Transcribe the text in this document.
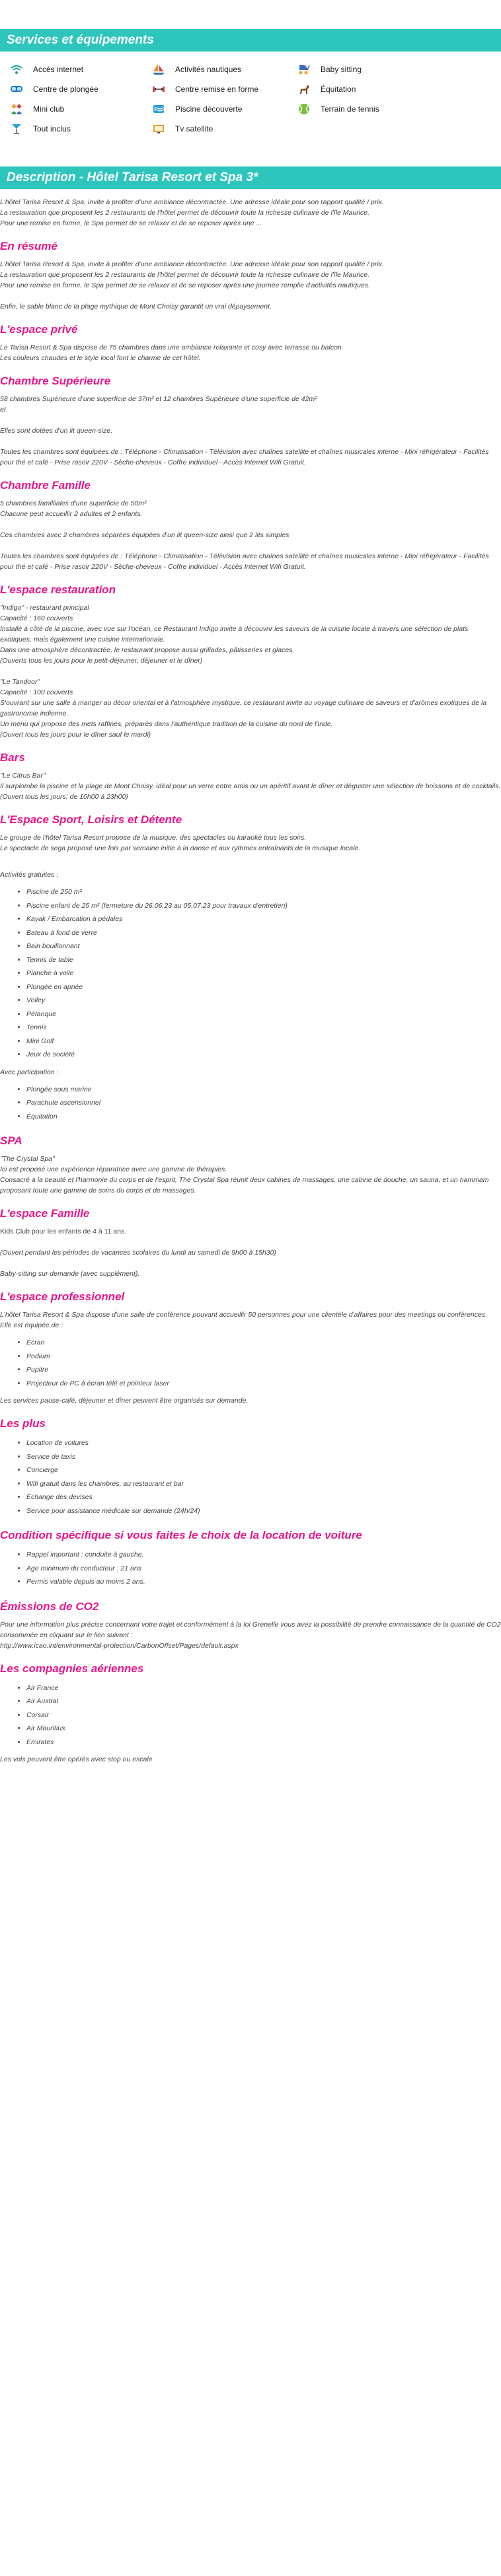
Services et équipements
Accès internet	Activités nautiques	Baby sitting
Centre de plongée	Centre remise en forme	Équitation
Mini club	Piscine découverte	Terrain de tennis
Tout inclus	Tv satellite
Description - Hôtel Tarisa Resort et Spa 3*

L'hôtel Tarisa Resort & Spa, invite à profiter d'une ambiance décontractée. Une adresse idéale pour son rapport qualité / prix.

La restauration que proposent les 2 restaurants de l'hôtel permet de découvrir toute la richesse culinaire de l'île Maurice.

Pour une remise en forme, le Spa permet de se relaxer et de se reposer après une ...

En résumé

L'hôtel Tarisa Resort & Spa, invite à profiter d'une ambiance décontractée. Une adresse idéale pour son rapport qualité / prix.

La restauration que proposent les 2 restaurants de l'hôtel permet de découvrir toute la richesse culinaire de l'île Maurice.

Pour une remise en forme, le Spa permet de se relaxer et de se reposer après une journée remplie d'activités nautiques.

Enfin, le sable blanc de la plage mythique de Mont Choisy garantit un vrai dépaysement.

L'espace privé

Le Tarisa Resort & Spa dispose de 75 chambres dans une ambiance relaxante et cosy avec terrasse ou balcon.

Les couleurs chaudes et le style local font le charme de cet hôtel.

Chambre Supérieure

58 chambres Supérieure d'une superficie de 37m² et 12 chambres Supérieure d'une superficie de 42m²

et

Elles sont dotées d'un lit queen-size.

Toutes les chambres sont équipées de : Téléphone - Climatisation - Télévision avec chaînes satellite et chaînes musicales interne - Mini réfrigérateur - Facilités pour thé et café - Prise rasoir 220V - Sèche-cheveux - Coffre individuel - Accès Internet Wifi Gratuit.

Chambre Famille

5 chambres familliales d'une superficie de 50m²

Chacune peut accueillir 2 adultes et 2 enfants.

Ces chambres avec 2 chambres séparées équipées d'un lit queen-size ainsi que 2 lits simples

Toutes les chambres sont équipées de : Téléphone - Climatisation - Télévision avec chaînes satellite et chaînes musicales interne - Mini réfrigérateur - Facilités pour thé et café - Prise rasoir 220V - Sèche-cheveux - Coffre individuel - Accès Internet Wifi Gratuit.

L'espace restauration

"Indigo" - restaurant principal

Capacité : 160 couverts

Installé à côté de la piscine, avec vue sur l'océan, ce Restaurant Indigo invite à découvrir les saveurs de la cuisine locale à travers une sélection de plats exotiques, mais également une cuisine internationale.

Dans une atmosphère décontractée, le restaurant propose aussi grillades, pâtisseries et glaces.

(Ouverts tous les jours pour le petit-déjeuner, déjeuner et le dîner)

"Le Tandoor"

Capacité : 100 couverts

S'ouvrant sur une salle à manger au décor oriental et à l'atmosphère mystique, ce restaurant invite au voyage culinaire de saveurs et d'arômes exotiques de la gastronomie indienne.

Un menu qui propose des mets raffinés, préparés dans l'authentique tradition de la cuisine du nord de l'Inde.

(Ouvert tous les jours pour le dîner sauf le mardi)

Bars

"Le Citrus Bar"

Il surplombe la piscine et la plage de Mont Choisy, idéal pour un verre entre amis ou un apéritif avant le dîner et déguster une sélection de boissons et de cocktails.

(Ouvert tous les jours: de 10h00 à 23h00)

L'Espace Sport, Loisirs et Détente

Le groupe de l'hôtel Tarisa Resort propose de la musique, des spectacles ou karaoké tous les soirs.

Le spectacle de sega proposé une fois par semaine initie à la danse et aux rythmes entraînants de la musique locale.

Activités gratuites :

• Piscine de 250 m²
• Piscine enfant de 25 m² (fermeture du 26.06.23 au 05.07.23 pour travaux d'entretien)
• Kayak / Embarcation à pédales
• Bateau à fond de verre
• Bain bouillonnant
• Tennis de table
• Planche à voile
• Plongée en apnée
• Volley
• Pétanque
• Tennis
• Mini Golf
• Jeux de société

Avec participation :

• Plongée sous marine
• Parachute ascensionnel
• Équitation
SPA

"The Crystal Spa"

Ici est proposé une expérience réparatrice avec une gamme de thérapies.

Consacré à la beauté et l'harmonie du corps et de l'esprit, The Crystal Spa réunit deux cabines de massages, une cabine de douche, un sauna, et un hammam proposant toute une gamme de soins du corps et de massages.

L'espace Famille

Kids Club pour les enfants de 4 à 11 ans.

(Ouvert pendant les périodes de vacances scolaires du lundi au samedi de 9h00 à 15h30)

Baby-sitting sur demande (avec supplément).

L'espace professionnel

L'hôtel Tarisa Resort & Spa dispose d'une salle de conférence pouvant accueillir 50 personnes pour une clientèle d'affaires pour des meetings ou conférences.

Elle est équipée de :

• Écran
• Podium
• Pupitre
• Projecteur de PC à écran télé et pointeur laser

Les services pause-café, déjeuner et dîner peuvent être organisés sur demande.

Les plus
• Location de voitures
• Service de taxis
• Concierge
• Wifi gratuit dans les chambres, au restaurant et bar
• Echange des devises
• Service pour assistance médicale sur demande (24h/24)
Condition spécifique si vous faites le choix de la location de voiture
• Rappel important : conduite à gauche.
• Age minimum du conducteur : 21 ans
• Permis valable depuis au moins 2 ans.
Émissions de CO2

Pour une information plus précise concernant votre trajet et conformément à la loi Grenelle vous avez la possibilité de prendre connaissance de la quantité de CO2 consommée en cliquant sur le lien suivant :

http://www.icao.int/environmental-protection/CarbonOffset/Pages/default.aspx

Les compagnies aériennes
• Air France
• Air Austral
• Corsair
• Air Mauritius
• Emirates

Les vols peuvent être opérés avec stop ou escale
